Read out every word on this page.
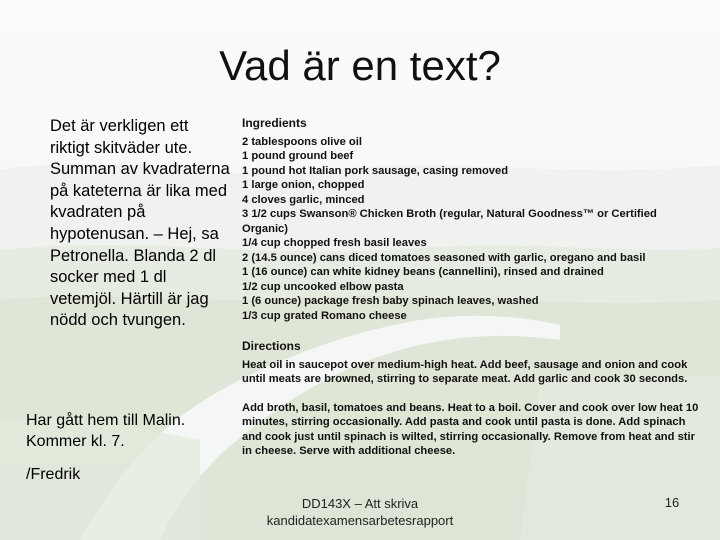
Vad är en text?
Det är verkligen ett riktigt skitväder ute. Summan av kvadraterna på kateterna är lika med kvadraten på hypotenusan. – Hej, sa Petronella. Blanda 2 dl socker med 1 dl vetemjöl. Härtill är jag nödd och tvungen.
Har gått hem till Malin. Kommer kl. 7.
/Fredrik
Ingredients
2 tablespoons olive oil
1 pound ground beef
1 pound hot Italian pork sausage, casing removed
1 large onion, chopped
4 cloves garlic, minced
3 1/2 cups Swanson® Chicken Broth (regular, Natural Goodness™ or Certified Organic)
1/4 cup chopped fresh basil leaves
2 (14.5 ounce) cans diced tomatoes seasoned with garlic, oregano and basil
1 (16 ounce) can white kidney beans (cannellini), rinsed and drained
1/2 cup uncooked elbow pasta
1 (6 ounce) package fresh baby spinach leaves, washed
1/3 cup grated Romano cheese
Directions
Heat oil in saucepot over medium-high heat. Add beef, sausage and onion and cook until meats are browned, stirring to separate meat. Add garlic and cook 30 seconds.
Add broth, basil, tomatoes and beans. Heat to a boil. Cover and cook over low heat 10 minutes, stirring occasionally. Add pasta and cook until pasta is done. Add spinach and cook just until spinach is wilted, stirring occasionally. Remove from heat and stir in cheese. Serve with additional cheese.
DD143X – Att skriva kandidatexamensarbetesrapport
16
